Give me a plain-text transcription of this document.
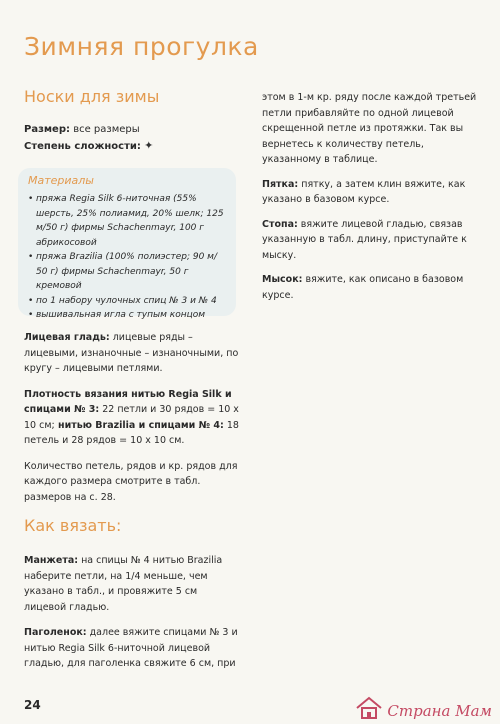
Зимняя прогулка
Носки для зимы
Размер: все размеры
Степень сложности: ✦
Материалы
• пряжа Regia Silk 6-ниточная (55% шерсть, 25% полиамид, 20% шелк; 125 м/50 г) фирмы Schachenmayr, 100 г абрикосовой
• пряжа Brazilia (100% полиэстер; 90 м/ 50 г) фирмы Schachenmayr, 50 г кремовой
• по 1 набору чулочных спиц № 3 и № 4
• вышивальная игла с тупым концом

Лицевая гладь: лицевые ряды – лицевыми, изнаночные – изнаночными, по кругу – лицевыми петлями.

Плотность вязания нитью Regia Silk и спицами № 3: 22 петли и 30 рядов = 10 x 10 см; нитью Brazilia и спицами № 4: 18 петель и 28 рядов = 10 x 10 см.

Количество петель, рядов и кр. рядов для каждого размера смотрите в табл. размеров на с. 28.

Как вязать:

Манжета: на спицы № 4 нитью Brazilia наберите петли, на 1/4 меньше, чем указано в табл., и провяжите 5 см лицевой гладью.

Паголенок: далее вяжите спицами № 3 и нитью Regia Silk 6-ниточной лицевой гладью, для паголенка свяжите 6 см, при

этом в 1-м кр. ряду после каждой третьей петли прибавляйте по одной лицевой скрещенной петле из протяжки. Так вы вернетесь к количеству петель, указанному в таблице.

Пятка: пятку, а затем клин вяжите, как указано в базовом курсе.

Стопа: вяжите лицевой гладью, связав указанную в табл. длину, приступайте к мыску.

Мысок: вяжите, как описано в базовом курсе.

24	Страна Мам
